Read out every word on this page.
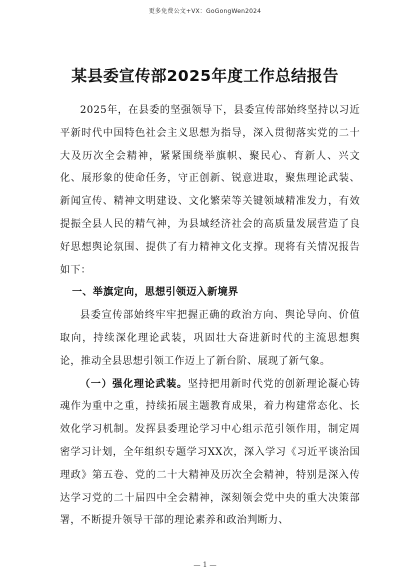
更多免费公文+VX：GoGongWen2024
某县委宣传部2025年度工作总结报告

2025年，在县委的坚强领导下，县委宣传部始终坚持以习近平新时代中国特色社会主义思想为指导，深入贯彻落实党的二十大及历次全会精神，紧紧围绕举旗帜、聚民心、育新人、兴文化、展形象的使命任务，守正创新、锐意进取，聚焦理论武装、新闻宣传、精神文明建设、文化繁荣等关键领域精准发力，有效提振全县人民的精气神，为县域经济社会的高质量发展营造了良好思想舆论氛围、提供了有力精神文化支撑。现将有关情况报告如下：

一、举旗定向，思想引领迈入新境界

县委宣传部始终牢牢把握正确的政治方向、舆论导向、价值取向，持续深化理论武装，巩固壮大奋进新时代的主流思想舆论，推动全县思想引领工作迈上了新台阶、展现了新气象。

（一）强化理论武装。坚持把用新时代党的创新理论凝心铸魂作为重中之重，持续拓展主题教育成果，着力构建常态化、长效化学习机制。发挥县委理论学习中心组示范引领作用，制定周密学习计划，全年组织专题学习XX次，深入学习《习近平谈治国理政》第五卷、党的二十大精神及历次全会精神，特别是深入传达学习党的二十届四中全会精神，深刻领会党中央的重大决策部署，不断提升领导干部的理论素养和政治判断力、

— 1 —
